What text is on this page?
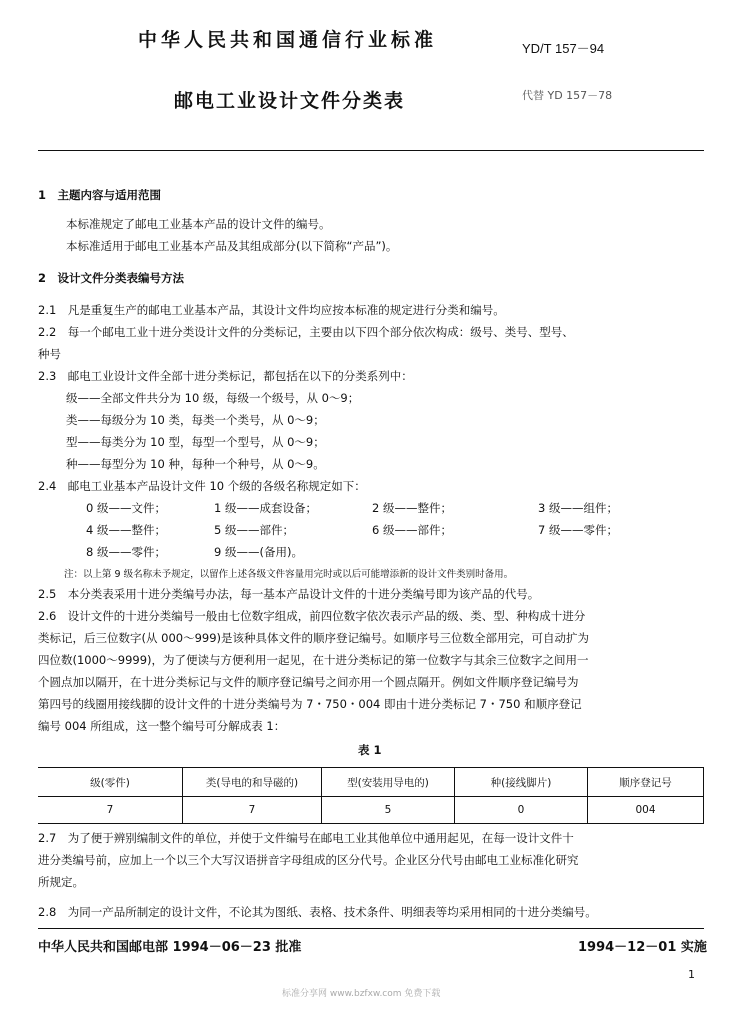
中华人民共和国通信行业标准	YD/T 157－94
邮电工业设计文件分类表	代替 YD 157－78
1　主题内容与适用范围
本标准规定了邮电工业基本产品的设计文件的编号。
本标准适用于邮电工业基本产品及其组成部分(以下简称“产品”)。
2　设计文件分类表编号方法
2.1　凡是重复生产的邮电工业基本产品，其设计文件均应按本标准的规定进行分类和编号。
2.2　每一个邮电工业十进分类设计文件的分类标记，主要由以下四个部分依次构成：级号、类号、型号、
种号
2.3　邮电工业设计文件全部十进分类标记，都包括在以下的分类系列中：
级——全部文件共分为 10 级，每级一个级号，从 0～9；
类——每级分为 10 类，每类一个类号，从 0～9；
型——每类分为 10 型，每型一个型号，从 0～9；
种——每型分为 10 种，每种一个种号，从 0～9。
2.4　邮电工业基本产品设计文件 10 个级的各级名称规定如下：
0 级——文件；	1 级——成套设备；	2 级——整件；	3 级——组件；
4 级——整件；	5 级——部件；	6 级——部件；	7 级——零件；
8 级——零件；	9 级——(备用)。
注：以上第 9 级名称未予规定，以留作上述各级文件容量用完时或以后可能增添新的设计文件类别时备用。
2.5　本分类表采用十进分类编号办法，每一基本产品设计文件的十进分类编号即为该产品的代号。
2.6　设计文件的十进分类编号一般由七位数字组成，前四位数字依次表示产品的级、类、型、种构成十进分
类标记，后三位数字(从 000～999)是该种具体文件的顺序登记编号。如顺序号三位数全部用完，可自动扩为
四位数(1000～9999)，为了便读与方便利用一起见，在十进分类标记的第一位数字与其余三位数字之间用一
个圆点加以隔开，在十进分类标记与文件的顺序登记编号之间亦用一个圆点隔开。例如文件顺序登记编号为
第四号的线圈用接线脚的设计文件的十进分类编号为 7・750・004 即由十进分类标记 7・750 和顺序登记
编号 004 所组成，这一整个编号可分解成表 1：
表 1
级(零件)	类(导电的和导磁的)	型(安装用导电的)	种(接线脚片)	顺序登记号
7	7	5	0	004
2.7　为了便于辨别编制文件的单位，并使于文件编号在邮电工业其他单位中通用起见，在每一设计文件十
进分类编号前，应加上一个以三个大写汉语拼音字母组成的区分代号。企业区分代号由邮电工业标准化研究
所规定。
2.8　为同一产品所制定的设计文件，不论其为图纸、表格、技术条件、明细表等均采用相同的十进分类编号。
中华人民共和国邮电部 1994－06－23 批准	1994－12－01 实施
1
标准分享网 www.bzfxw.com 免费下载
